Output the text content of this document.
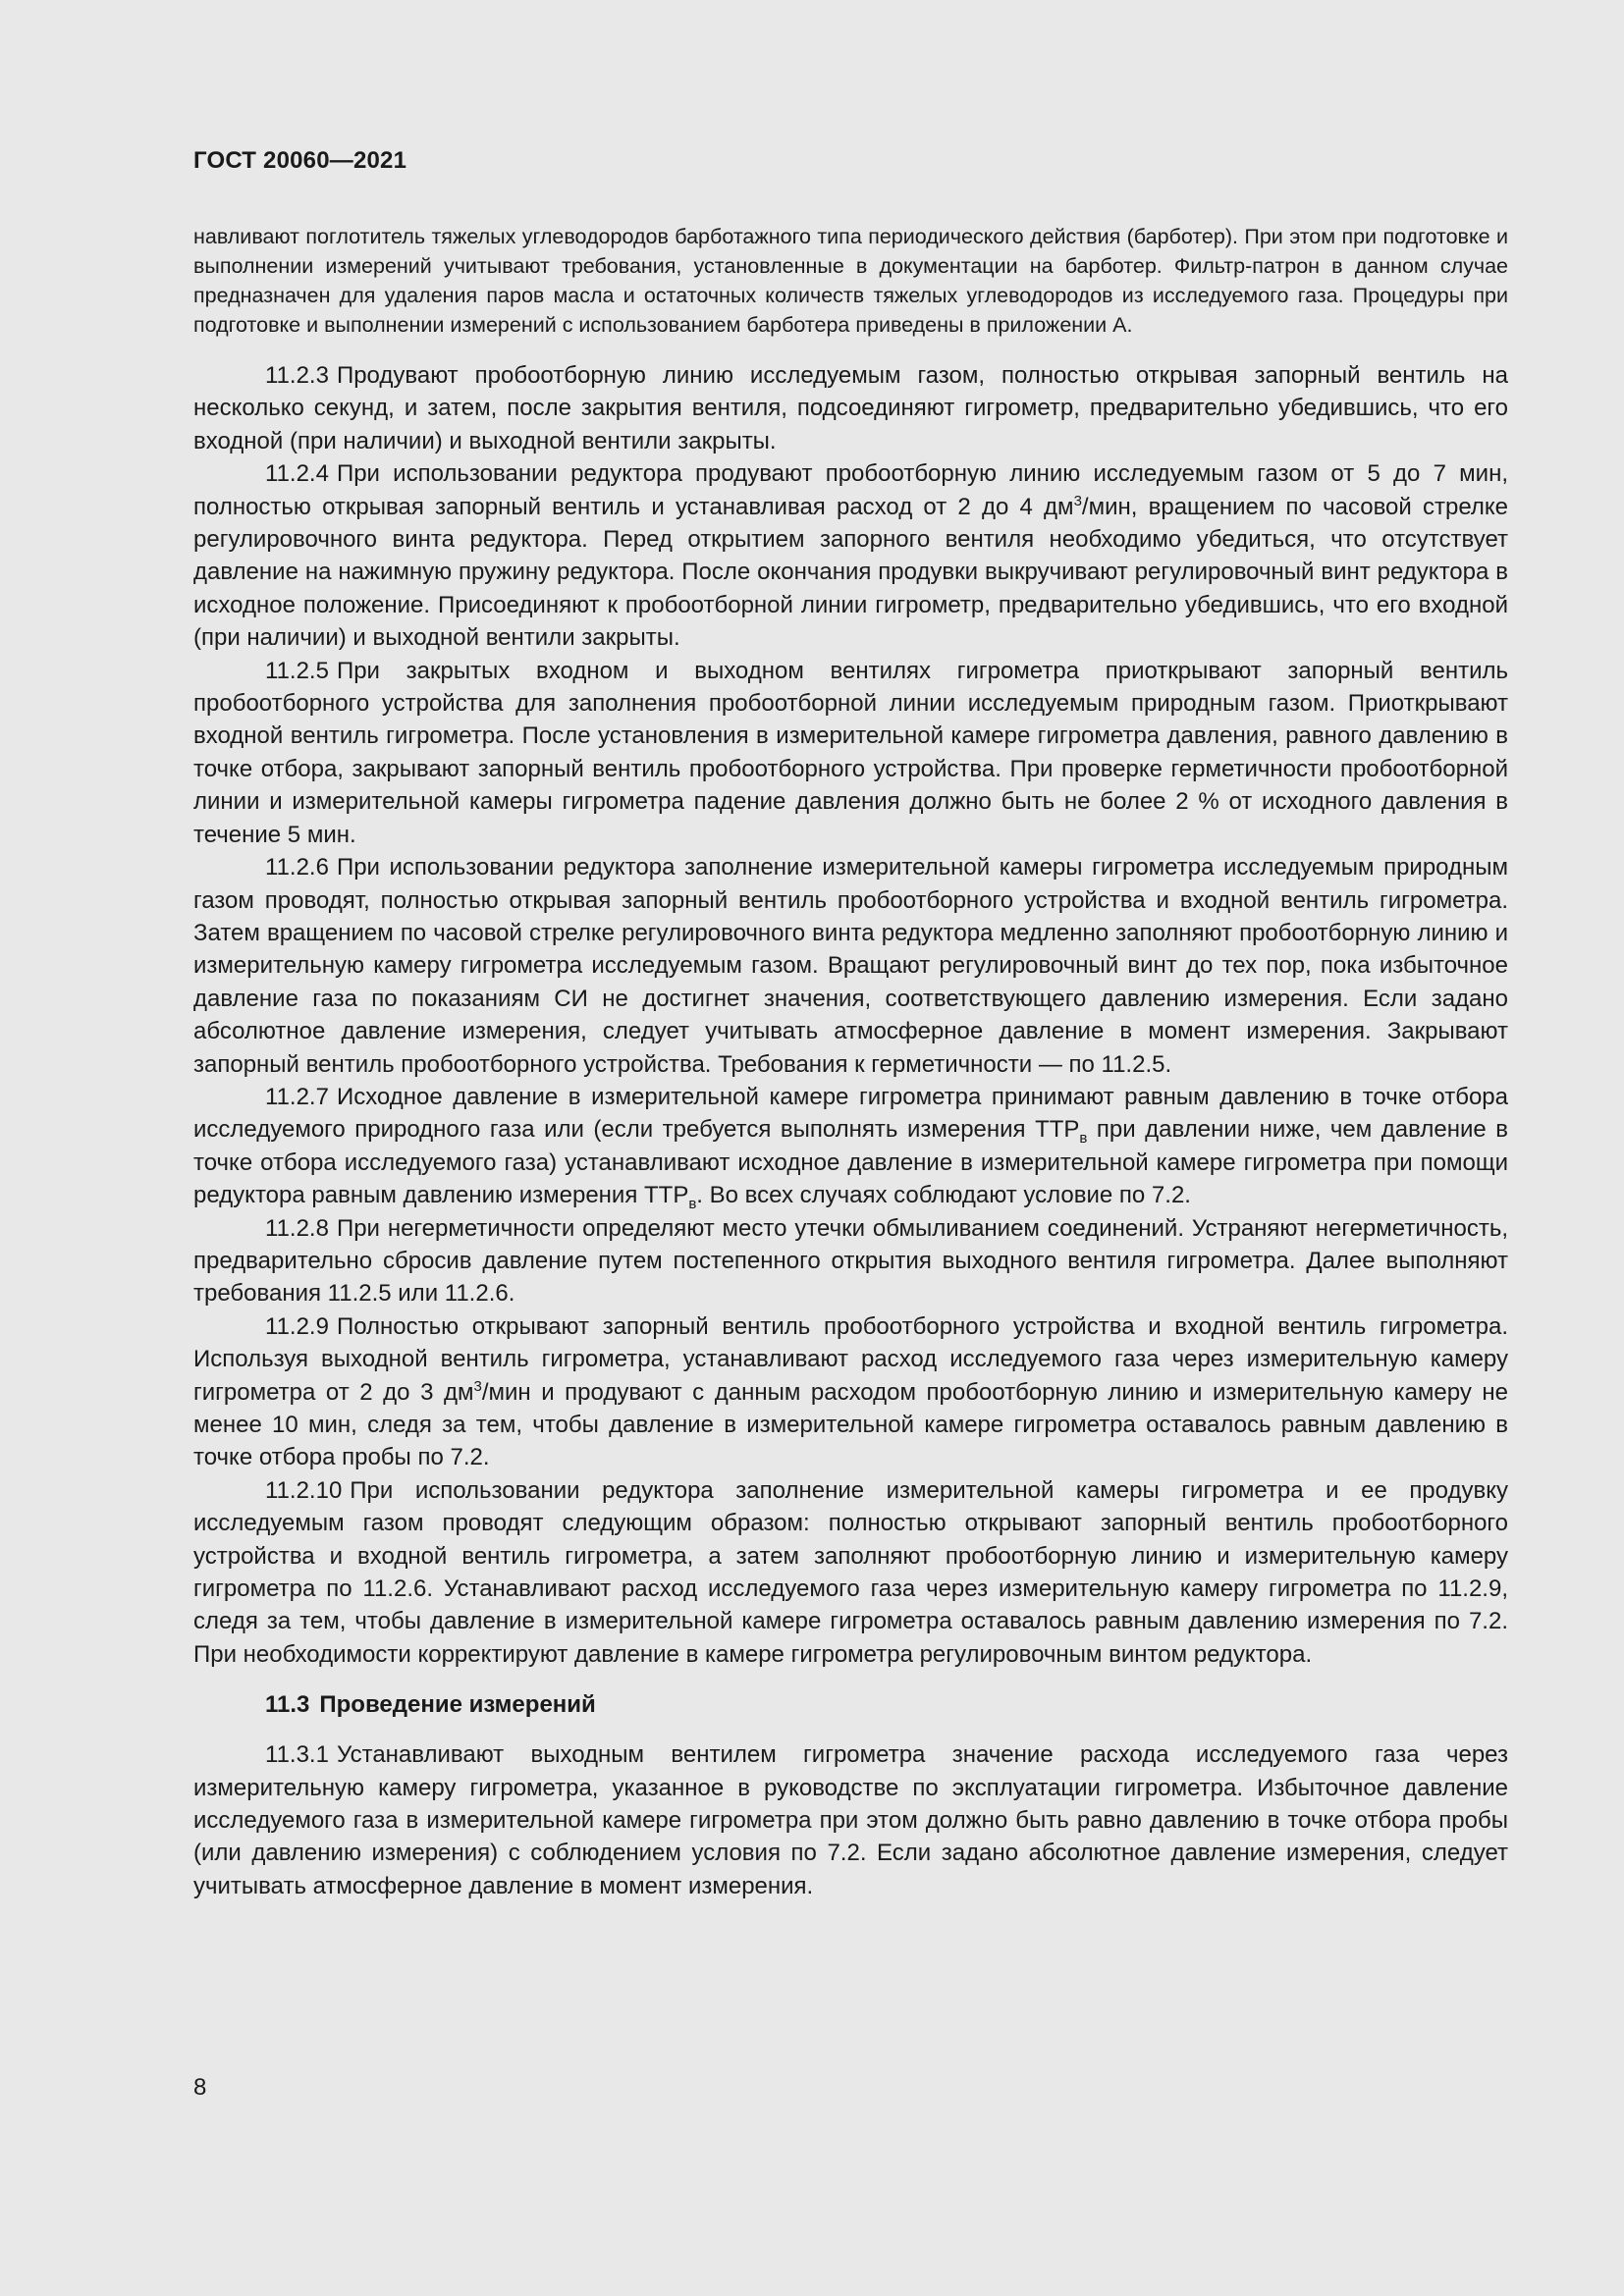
ГОСТ 20060—2021

навливают поглотитель тяжелых углеводородов барботажного типа периодического действия (барботер). При этом при подготовке и выполнении измерений учитывают требования, установленные в документации на барботер. Фильтр-патрон в данном случае предназначен для удаления паров масла и остаточных количеств тяжелых углеводородов из исследуемого газа. Процедуры при подготовке и выполнении измерений с использованием барботера приведены в приложении А.

11.2.3 Продувают пробоотборную линию исследуемым газом, полностью открывая запорный вентиль на несколько секунд, и затем, после закрытия вентиля, подсоединяют гигрометр, предварительно убедившись, что его входной (при наличии) и выходной вентили закрыты.

11.2.4 При использовании редуктора продувают пробоотборную линию исследуемым газом от 5 до 7 мин, полностью открывая запорный вентиль и устанавливая расход от 2 до 4 $дм^3$/мин, вращением по часовой стрелке регулировочного винта редуктора. Перед открытием запорного вентиля необходимо убедиться, что отсутствует давление на нажимную пружину редуктора. После окончания продувки выкручивают регулировочный винт редуктора в исходное положение. Присоединяют к пробоотборной линии гигрометр, предварительно убедившись, что его входной (при наличии) и выходной вентили закрыты.

11.2.5 При закрытых входном и выходном вентилях гигрометра приоткрывают запорный вентиль пробоотборного устройства для заполнения пробоотборной линии исследуемым природным газом. Приоткрывают входной вентиль гигрометра. После установления в измерительной камере гигрометра давления, равного давлению в точке отбора, закрывают запорный вентиль пробоотборного устройства. При проверке герметичности пробоотборной линии и измерительной камеры гигрометра падение давления должно быть не более 2 % от исходного давления в течение 5 мин.

11.2.6 При использовании редуктора заполнение измерительной камеры гигрометра исследуемым природным газом проводят, полностью открывая запорный вентиль пробоотборного устройства и входной вентиль гигрометра. Затем вращением по часовой стрелке регулировочного винта редуктора медленно заполняют пробоотборную линию и измерительную камеру гигрометра исследуемым газом. Вращают регулировочный винт до тех пор, пока избыточное давление газа по показаниям СИ не достигнет значения, соответствующего давлению измерения. Если задано абсолютное давление измерения, следует учитывать атмосферное давление в момент измерения. Закрывают запорный вентиль пробоотборного устройства. Требования к герметичности — по 11.2.5.

11.2.7 Исходное давление в измерительной камере гигрометра принимают равным давлению в точке отбора исследуемого природного газа или (если требуется выполнять измерения $ТТР_в$ при давлении ниже, чем давление в точке отбора исследуемого газа) устанавливают исходное давление в измерительной камере гигрометра при помощи редуктора равным давлению измерения $ТТР_в$. Во всех случаях соблюдают условие по 7.2.

11.2.8 При негерметичности определяют место утечки обмыливанием соединений. Устраняют негерметичность, предварительно сбросив давление путем постепенного открытия выходного вентиля гигрометра. Далее выполняют требования 11.2.5 или 11.2.6.

11.2.9 Полностью открывают запорный вентиль пробоотборного устройства и входной вентиль гигрометра. Используя выходной вентиль гигрометра, устанавливают расход исследуемого газа через измерительную камеру гигрометра от 2 до 3 $дм^3$/мин и продувают с данным расходом пробоотборную линию и измерительную камеру не менее 10 мин, следя за тем, чтобы давление в измерительной камере гигрометра оставалось равным давлению в точке отбора пробы по 7.2.

11.2.10 При использовании редуктора заполнение измерительной камеры гигрометра и ее продувку исследуемым газом проводят следующим образом: полностью открывают запорный вентиль пробоотборного устройства и входной вентиль гигрометра, а затем заполняют пробоотборную линию и измерительную камеру гигрометра по 11.2.6. Устанавливают расход исследуемого газа через измерительную камеру гигрометра по 11.2.9, следя за тем, чтобы давление в измерительной камере гигрометра оставалось равным давлению измерения по 7.2. При необходимости корректируют давление в камере гигрометра регулировочным винтом редуктора.

11.3 Проведение измерений

11.3.1 Устанавливают выходным вентилем гигрометра значение расхода исследуемого газа через измерительную камеру гигрометра, указанное в руководстве по эксплуатации гигрометра. Избыточное давление исследуемого газа в измерительной камере гигрометра при этом должно быть равно давлению в точке отбора пробы (или давлению измерения) с соблюдением условия по 7.2. Если задано абсолютное давление измерения, следует учитывать атмосферное давление в момент измерения.

8
